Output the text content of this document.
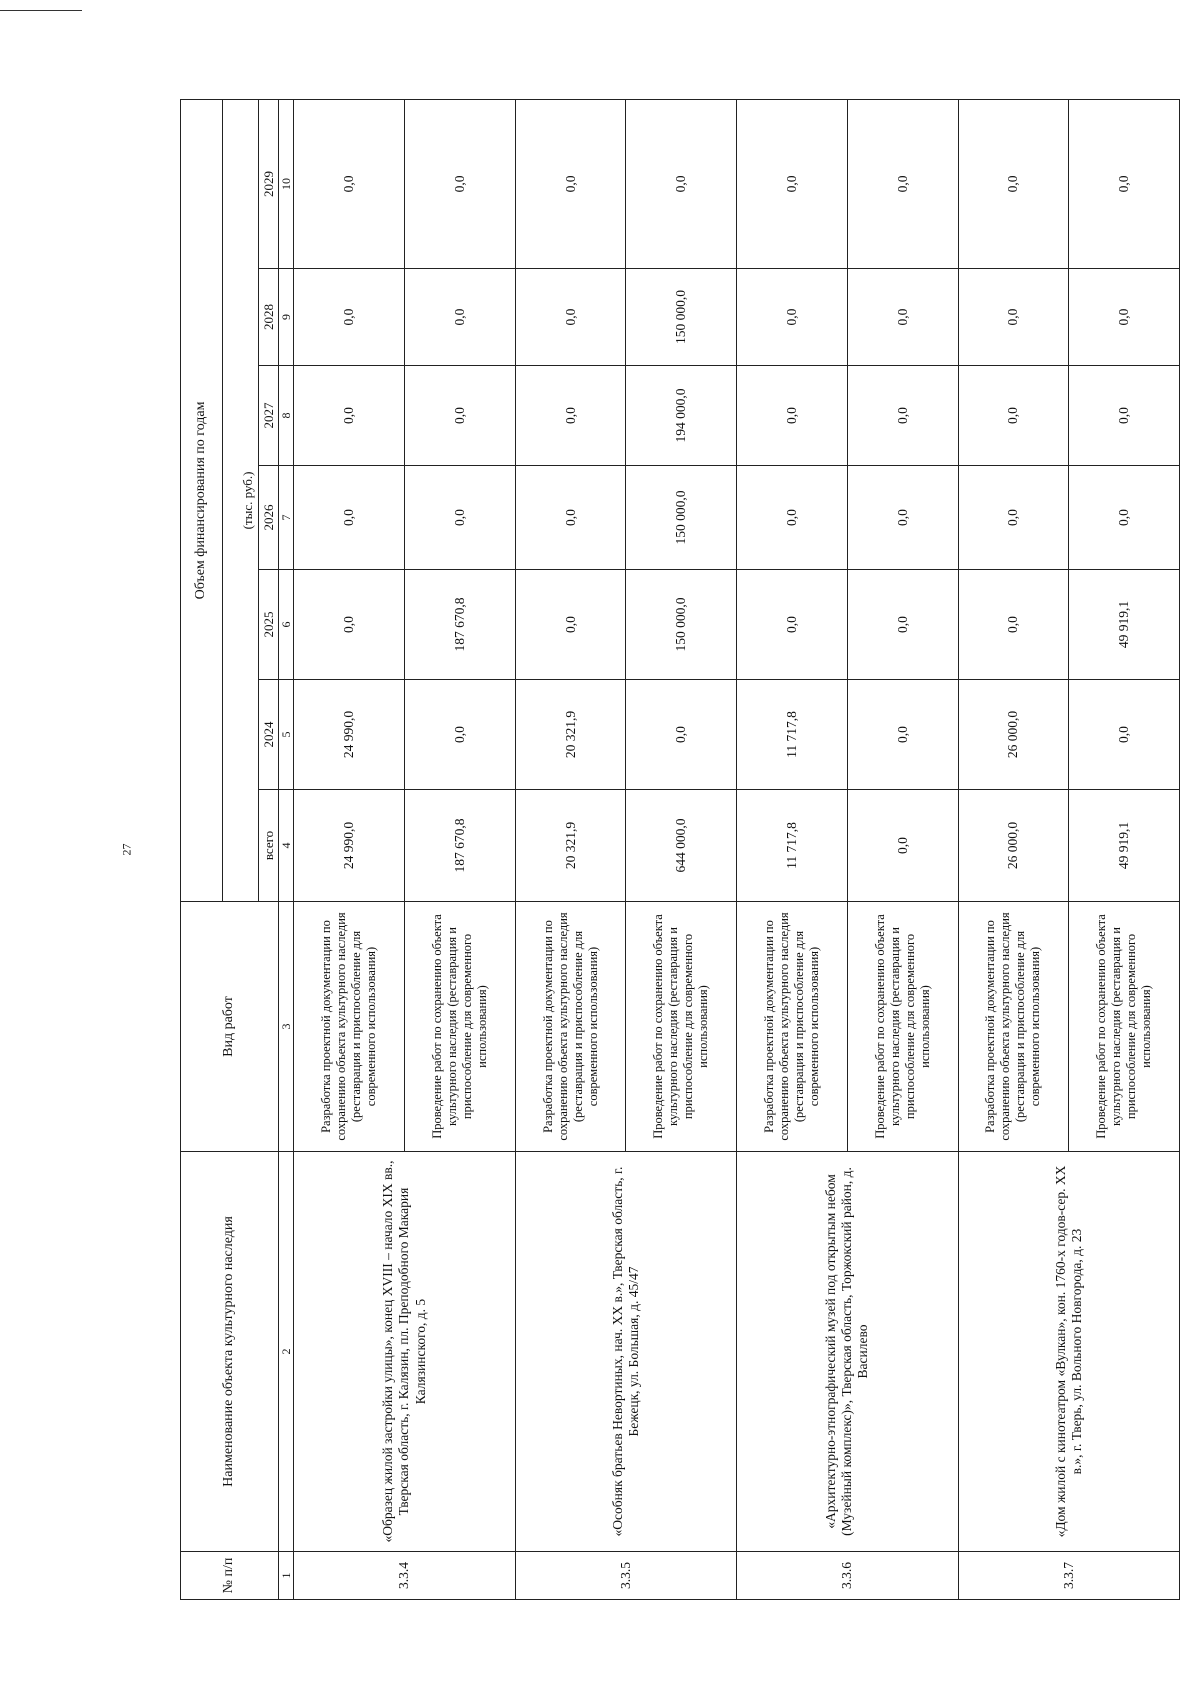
27
№ п/п	Наименование объекта культурного наследия	Вид работ	Объем финансирования по годам						
			(тыс. руб.)						
			всего	2024	2025	2026	2027	2028	2029
1	2	3	4	5	6	7	8	9	10
3.3.4	«Образец жилой застройки улицы», конец XVIII – начало XIX вв., Тверская область, г. Калязин, пл. Преподобного Макария Калязинского, д. 5	Разработка проектной документации по сохранению объекта культурного наследия (реставрация и приспособление для современного использования)	24 990,0	24 990,0	0,0	0,0	0,0	0,0	0,0
		Проведение работ по сохранению объекта культурного наследия (реставрация и приспособление для современного использования)	187 670,8	0,0	187 670,8	0,0	0,0	0,0	0,0
3.3.5	«Особняк братьев Невортиных, нач. XX в.», Тверская область, г. Бежецк, ул. Большая, д. 45/47	Разработка проектной документации по сохранению объекта культурного наследия (реставрация и приспособление для современного использования)	20 321,9	20 321,9	0,0	0,0	0,0	0,0	0,0
		Проведение работ по сохранению объекта культурного наследия (реставрация и приспособление для современного использования)	644 000,0	0,0	150 000,0	150 000,0	194 000,0	150 000,0	0,0
3.3.6	«Архитектурно-этнографический музей под открытым небом (Музейный комплекс)», Тверская область, Торжокский район, д. Василево	Разработка проектной документации по сохранению объекта культурного наследия (реставрация и приспособление для современного использования)	11 717,8	11 717,8	0,0	0,0	0,0	0,0	0,0
		Проведение работ по сохранению объекта культурного наследия (реставрация и приспособление для современного использования)	0,0	0,0	0,0	0,0	0,0	0,0	0,0
3.3.7	«Дом жилой с кинотеатром «Вулкан», кон. 1760-х годов-сер. XX в.», г. Тверь, ул. Вольного Новгорода, д. 23	Разработка проектной документации по сохранению объекта культурного наследия (реставрация и приспособление для современного использования)	26 000,0	26 000,0	0,0	0,0	0,0	0,0	0,0
		Проведение работ по сохранению объекта культурного наследия (реставрация и приспособление для современного использования)	49 919,1	0,0	49 919,1	0,0	0,0	0,0	0,0
